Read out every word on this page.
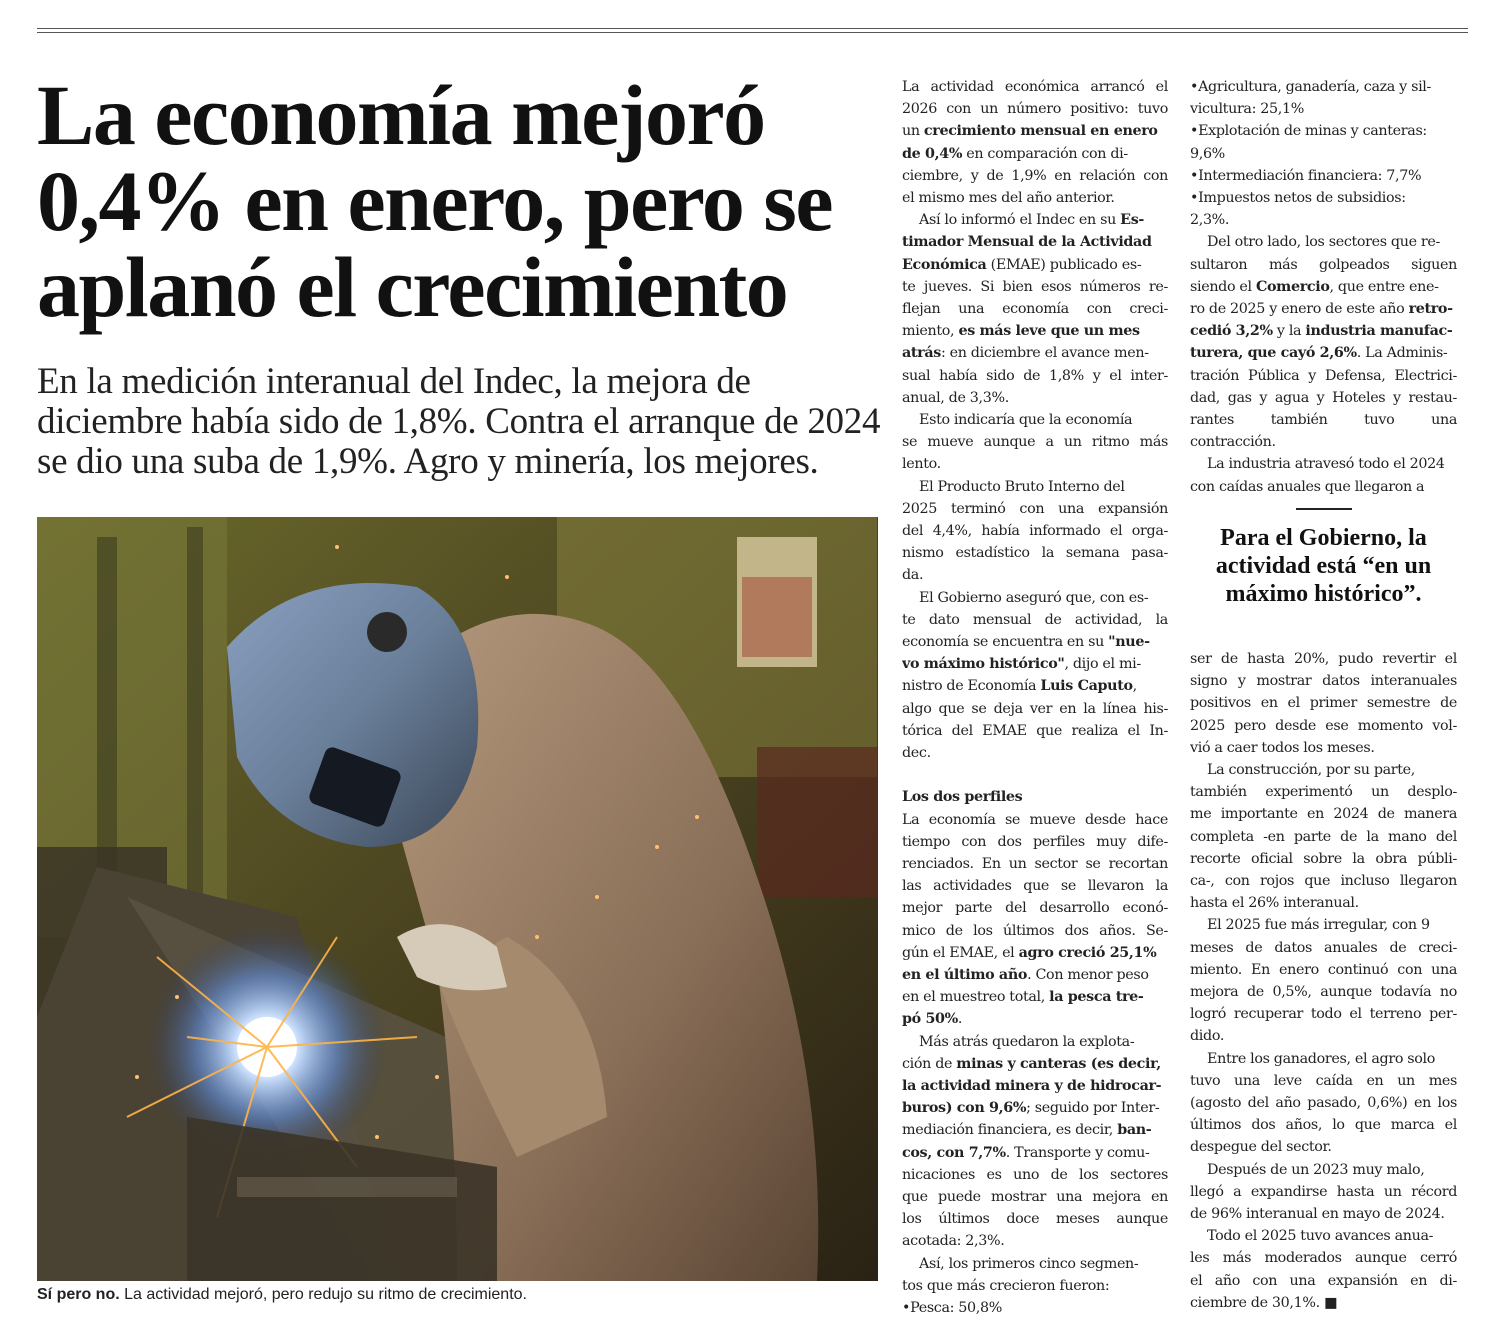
La economía mejoró
0,4% en enero, pero se
aplanó el crecimiento
En la medición interanual del Indec, la mejora de
diciembre había sido de 1,8%. Contra el arranque de 2024
se dio una suba de 1,9%. Agro y minería, los mejores.
Sí pero no. La actividad mejoró, pero redujo su ritmo de crecimiento.
La actividad económica arrancó el
2026 con un número positivo: tuvo
un crecimiento mensual en enero
de 0,4% en comparación con di-
ciembre, y de 1,9% en relación con
el mismo mes del año anterior.
Así lo informó el Indec en su Es-
timador Mensual de la Actividad
Económica (EMAE) publicado es-
te jueves. Si bien esos números re-
flejan una economía con creci-
miento, es más leve que un mes
atrás: en diciembre el avance men-
sual había sido de 1,8% y el inter-
anual, de 3,3%.
Esto indicaría que la economía
se mueve aunque a un ritmo más
lento.
El Producto Bruto Interno del
2025 terminó con una expansión
del 4,4%, había informado el orga-
nismo estadístico la semana pasa-
da.
El Gobierno aseguró que, con es-
te dato mensual de actividad, la
economía se encuentra en su "nue-
vo máximo histórico", dijo el mi-
nistro de Economía Luis Caputo,
algo que se deja ver en la línea his-
tórica del EMAE que realiza el In-
dec.
Los dos perfiles
La economía se mueve desde hace
tiempo con dos perfiles muy dife-
renciados. En un sector se recortan
las actividades que se llevaron la
mejor parte del desarrollo econó-
mico de los últimos dos años. Se-
gún el EMAE, el agro creció 25,1%
en el último año. Con menor peso
en el muestreo total, la pesca tre-
pó 50%.
Más atrás quedaron la explota-
ción de minas y canteras (es decir,
la actividad minera y de hidrocar-
buros) con 9,6%; seguido por Inter-
mediación financiera, es decir, ban-
cos, con 7,7%. Transporte y comu-
nicaciones es uno de los sectores
que puede mostrar una mejora en
los últimos doce meses aunque
acotada: 2,3%.
Así, los primeros cinco segmen-
tos que más crecieron fueron:
•Pesca: 50,8%
•Agricultura, ganadería, caza y sil-
vicultura: 25,1%
•Explotación de minas y canteras:
9,6%
•Intermediación financiera: 7,7%
•Impuestos netos de subsidios:
2,3%.
Del otro lado, los sectores que re-
sultaron más golpeados siguen
siendo el Comercio, que entre ene-
ro de 2025 y enero de este año retro-
cedió 3,2% y la industria manufac-
turera, que cayó 2,6%. La Adminis-
tración Pública y Defensa, Electrici-
dad, gas y agua y Hoteles y restau-
rantes también tuvo una
contracción.
La industria atravesó todo el 2024
con caídas anuales que llegaron a
Para el Gobierno, la
actividad está “en un
máximo histórico”.
ser de hasta 20%, pudo revertir el
signo y mostrar datos interanuales
positivos en el primer semestre de
2025 pero desde ese momento vol-
vió a caer todos los meses.
La construcción, por su parte,
también experimentó un desplo-
me importante en 2024 de manera
completa -en parte de la mano del
recorte oficial sobre la obra públi-
ca-, con rojos que incluso llegaron
hasta el 26% interanual.
El 2025 fue más irregular, con 9
meses de datos anuales de creci-
miento. En enero continuó con una
mejora de 0,5%, aunque todavía no
logró recuperar todo el terreno per-
dido.
Entre los ganadores, el agro solo
tuvo una leve caída en un mes
(agosto del año pasado, 0,6%) en los
últimos dos años, lo que marca el
despegue del sector.
Después de un 2023 muy malo,
llegó a expandirse hasta un récord
de 96% interanual en mayo de 2024.
Todo el 2025 tuvo avances anua-
les más moderados aunque cerró
el año con una expansión en di-
ciembre de 30,1%. ■
